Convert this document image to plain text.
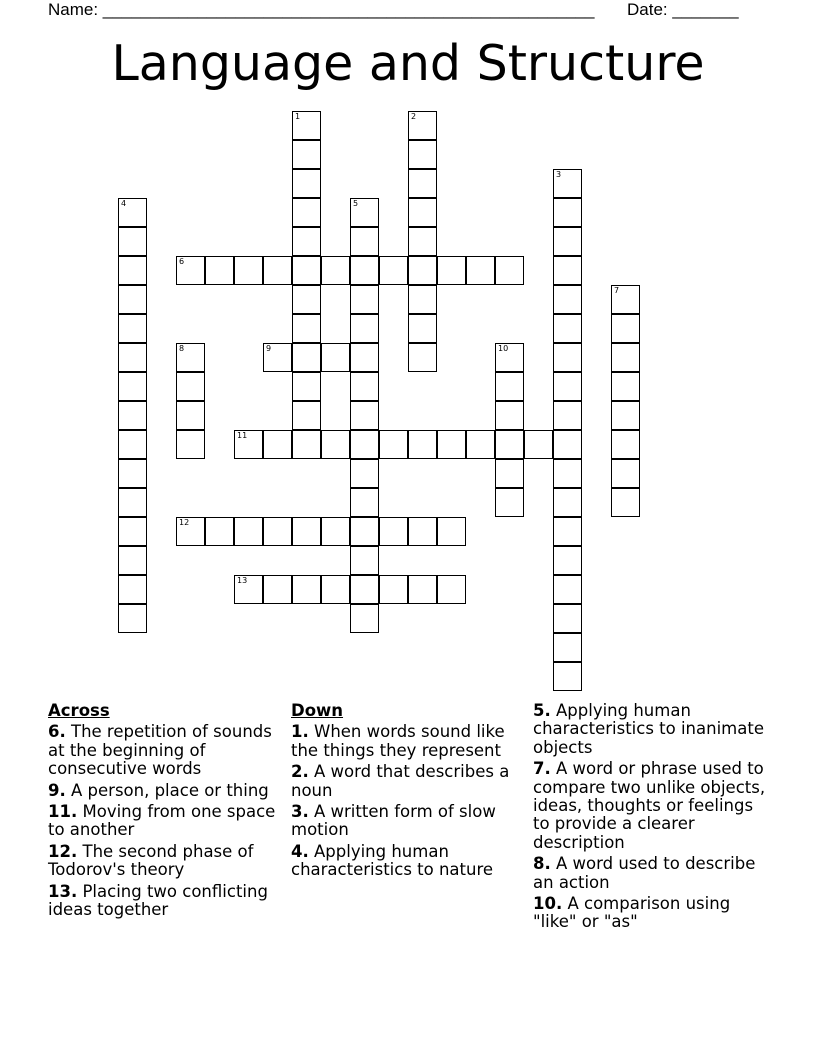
Name: ____________________________________________________ Date: _______
Language and Structure
1	2
3
4	5
6
7
8	9	10
11
12
13
Across
6. The repetition of sounds at the beginning of consecutive words
9. A person, place or thing
11. Moving from one space to another
12. The second phase of Todorov's theory
13. Placing two conflicting ideas together
Down
1. When words sound like the things they represent
2. A word that describes a noun
3. A written form of slow motion
4. Applying human characteristics to nature
5. Applying human characteristics to inanimate objects
7. A word or phrase used to compare two unlike objects, ideas, thoughts or feelings to provide a clearer description
8. A word used to describe an action
10. A comparison using "like" or "as"
